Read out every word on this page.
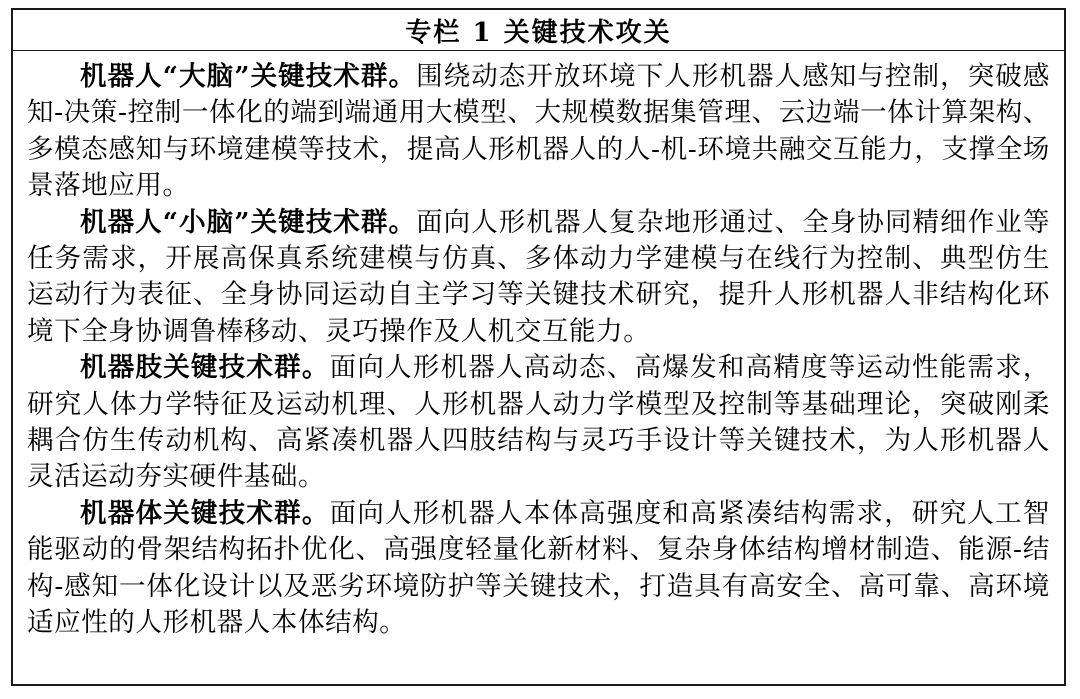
专栏 1 关键技术攻关

机器人“大脑”关键技术群。围绕动态开放环境下人形机器人感知与控制，突破感知-决策-控制一体化的端到端通用大模型、大规模数据集管理、云边端一体计算架构、多模态感知与环境建模等技术，提高人形机器人的人-机-环境共融交互能力，支撑全场景落地应用。

机器人“小脑”关键技术群。面向人形机器人复杂地形通过、全身协同精细作业等任务需求，开展高保真系统建模与仿真、多体动力学建模与在线行为控制、典型仿生运动行为表征、全身协同运动自主学习等关键技术研究，提升人形机器人非结构化环境下全身协调鲁棒移动、灵巧操作及人机交互能力。

机器肢关键技术群。面向人形机器人高动态、高爆发和高精度等运动性能需求，研究人体力学特征及运动机理、人形机器人动力学模型及控制等基础理论，突破刚柔耦合仿生传动机构、高紧凑机器人四肢结构与灵巧手设计等关键技术，为人形机器人灵活运动夯实硬件基础。

机器体关键技术群。面向人形机器人本体高强度和高紧凑结构需求，研究人工智能驱动的骨架结构拓扑优化、高强度轻量化新材料、复杂身体结构增材制造、能源-结构-感知一体化设计以及恶劣环境防护等关键技术，打造具有高安全、高可靠、高环境适应性的人形机器人本体结构。
